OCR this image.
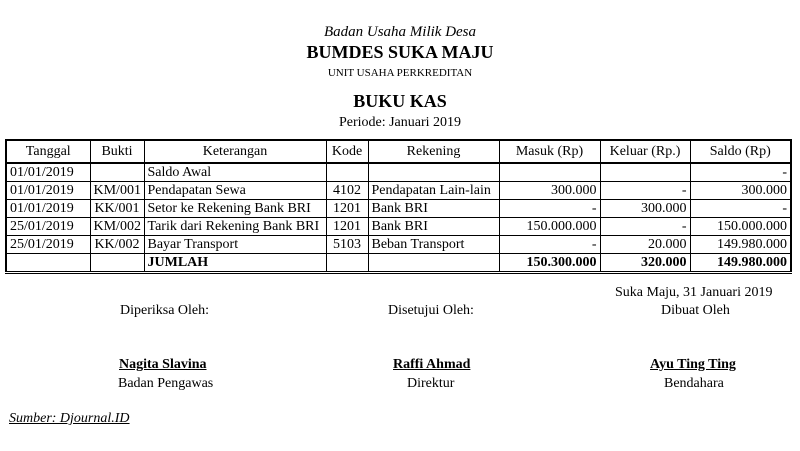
Badan Usaha Milik Desa
BUMDES SUKA MAJU
UNIT USAHA PERKREDITAN
BUKU KAS
Periode: Januari 2019
Tanggal	Bukti	Keterangan	Kode	Rekening	Masuk (Rp)	Keluar (Rp.)	Saldo (Rp)
01/01/2019		Saldo Awal					-
01/01/2019	KM/001	Pendapatan Sewa	4102	Pendapatan Lain-lain	300.000	-	300.000
01/01/2019	KK/001	Setor ke Rekening Bank BRI	1201	Bank BRI	-	300.000	-
25/01/2019	KM/002	Tarik dari Rekening Bank BRI	1201	Bank BRI	150.000.000	-	150.000.000
25/01/2019	KK/002	Bayar Transport	5103	Beban Transport	-	20.000	149.980.000
		JUMLAH			150.300.000	320.000	149.980.000
Suka Maju, 31 Januari 2019
Diperiksa Oleh:	Disetujui Oleh:	Dibuat Oleh
Nagita Slavina
Badan Pengawas
Raffi Ahmad
Direktur
Ayu Ting Ting
Bendahara
Sumber: Djournal.ID
